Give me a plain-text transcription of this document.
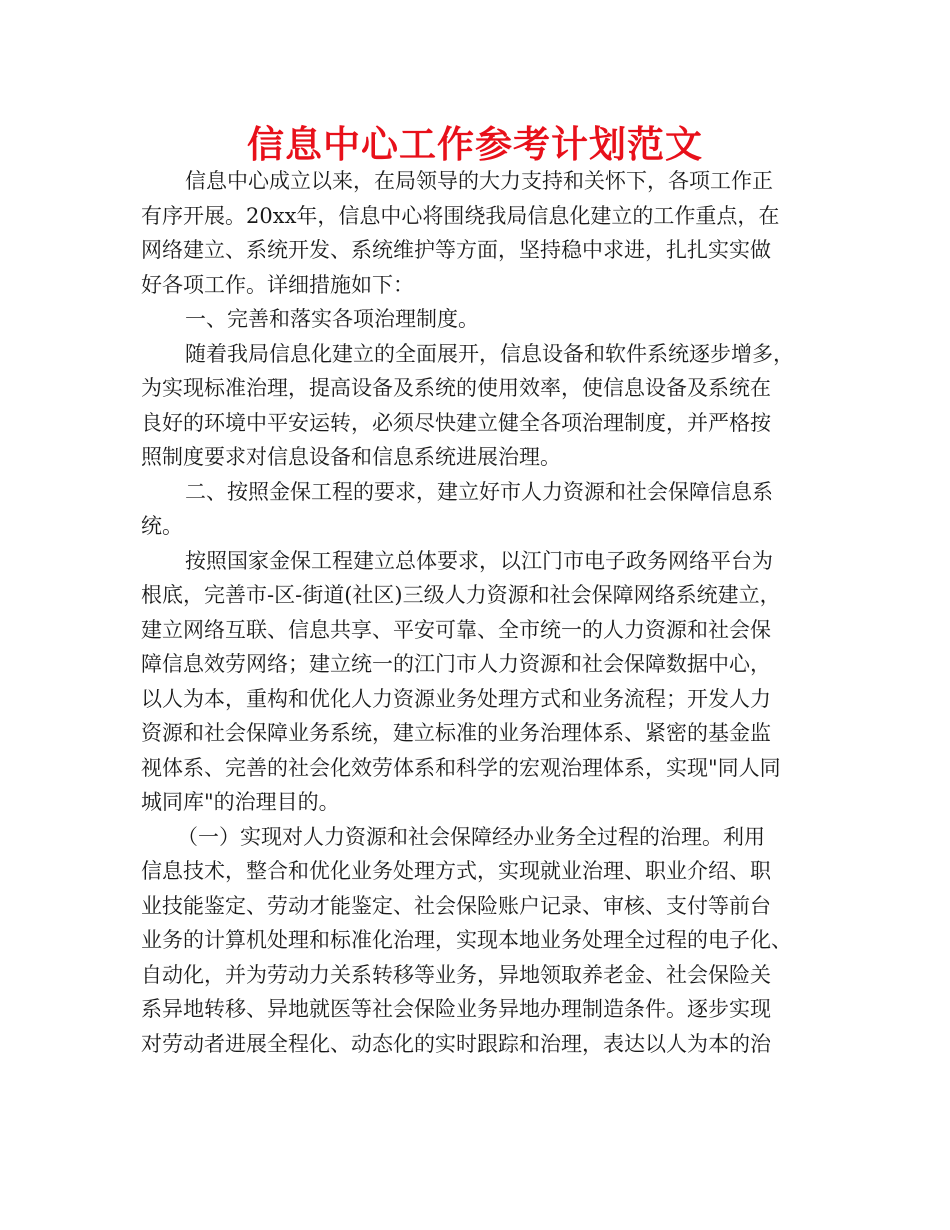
信息中心工作参考计划范文
信息中心成立以来，在局领导的大力支持和关怀下，各项工作正
有序开展。20xx年，信息中心将围绕我局信息化建立的工作重点，在
网络建立、系统开发、系统维护等方面，坚持稳中求进，扎扎实实做
好各项工作。详细措施如下：
一、完善和落实各项治理制度。
随着我局信息化建立的全面展开，信息设备和软件系统逐步增多，
为实现标准治理，提高设备及系统的使用效率，使信息设备及系统在
良好的环境中平安运转，必须尽快建立健全各项治理制度，并严格按
照制度要求对信息设备和信息系统进展治理。
二、按照金保工程的要求，建立好市人力资源和社会保障信息系
统。
按照国家金保工程建立总体要求，以江门市电子政务网络平台为
根底，完善市-区-街道(社区)三级人力资源和社会保障网络系统建立，
建立网络互联、信息共享、平安可靠、全市统一的人力资源和社会保
障信息效劳网络；建立统一的江门市人力资源和社会保障数据中心，
以人为本，重构和优化人力资源业务处理方式和业务流程；开发人力
资源和社会保障业务系统，建立标准的业务治理体系、紧密的基金监
视体系、完善的社会化效劳体系和科学的宏观治理体系，实现"同人同
城同库"的治理目的。
（一）实现对人力资源和社会保障经办业务全过程的治理。利用
信息技术，整合和优化业务处理方式，实现就业治理、职业介绍、职
业技能鉴定、劳动才能鉴定、社会保险账户记录、审核、支付等前台
业务的计算机处理和标准化治理，实现本地业务处理全过程的电子化、
自动化，并为劳动力关系转移等业务，异地领取养老金、社会保险关
系异地转移、异地就医等社会保险业务异地办理制造条件。逐步实现
对劳动者进展全程化、动态化的实时跟踪和治理，表达以人为本的治
